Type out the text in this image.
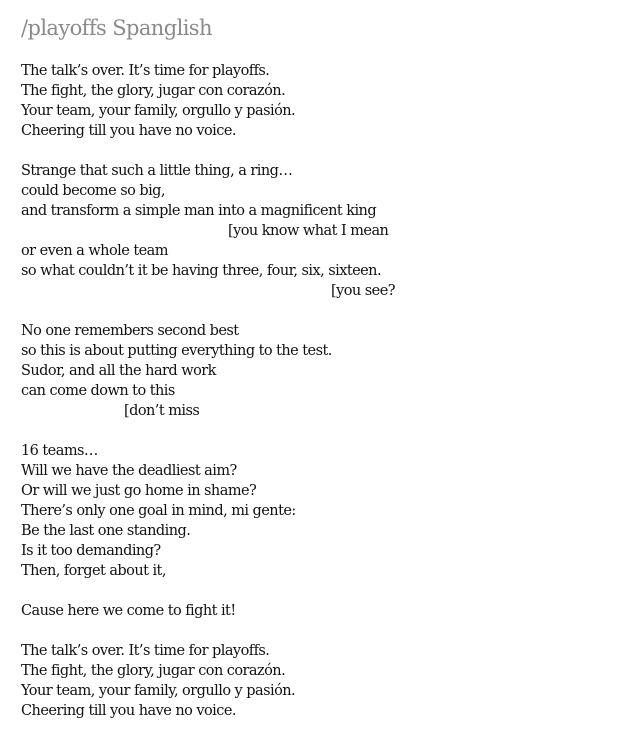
/playoffs Spanglish
The talk’s over. It’s time for playoffs.
The fight, the glory, jugar con corazón.
Your team, your family, orgullo y pasión.
Cheering till you have no voice.
Strange that such a little thing, a ring…
could become so big,
and transform a simple man into a magnificent king
[you know what I mean
or even a whole team
so what couldn’t it be having three, four, six, sixteen.
[you see?
No one remembers second best
so this is about putting everything to the test.
Sudor, and all the hard work
can come down to this
[don’t miss
16 teams…
Will we have the deadliest aim?
Or will we just go home in shame?
There’s only one goal in mind, mi gente:
Be the last one standing.
Is it too demanding?
Then, forget about it,
Cause here we come to fight it!
The talk’s over. It’s time for playoffs.
The fight, the glory, jugar con corazón.
Your team, your family, orgullo y pasión.
Cheering till you have no voice.
